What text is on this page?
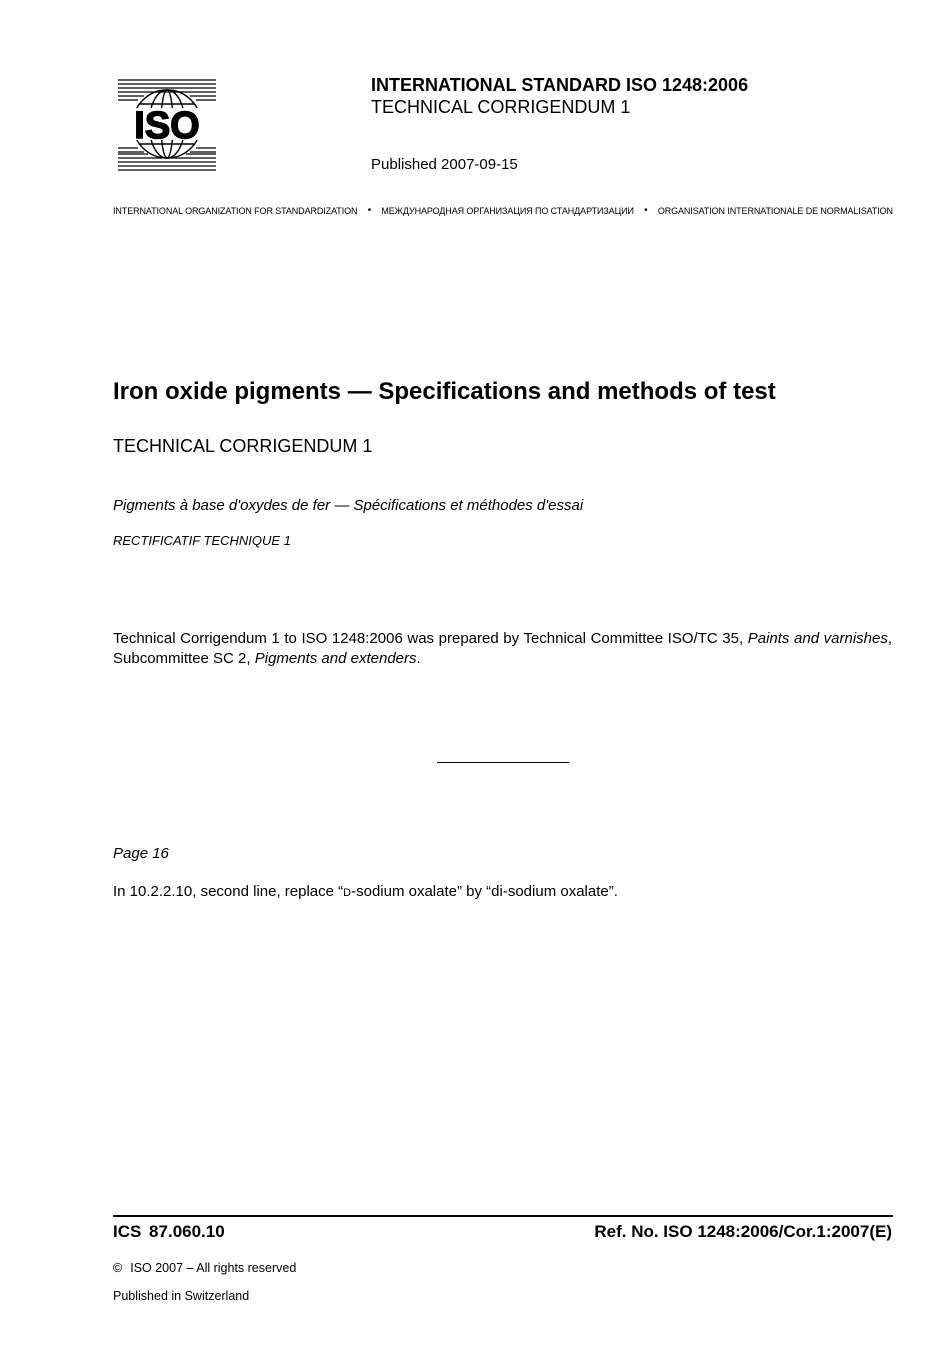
ISO
INTERNATIONAL STANDARD ISO 1248:2006
TECHNICAL CORRIGENDUM 1
Published 2007-09-15
INTERNATIONAL ORGANIZATION FOR STANDARDIZATION • МЕЖДУНАРОДНАЯ ОРГАНИЗАЦИЯ ПО СТАНДАРТИЗАЦИИ • ORGANISATION INTERNATIONALE DE NORMALISATION
Iron oxide pigments — Specifications and methods of test
TECHNICAL CORRIGENDUM 1
Pigments à base d'oxydes de fer — Spécifications et méthodes d'essai
RECTIFICATIF TECHNIQUE 1
Technical Corrigendum 1 to ISO 1248:2006 was prepared by Technical Committee ISO/TC 35, Paints and varnishes, Subcommittee SC 2, Pigments and extenders.
Page 16
In 10.2.2.10, second line, replace “D-sodium oxalate” by “di-sodium oxalate”.
ICS 87.060.10	Ref. No. ISO 1248:2006/Cor.1:2007(E)
© ISO 2007 – All rights reserved
Published in Switzerland
